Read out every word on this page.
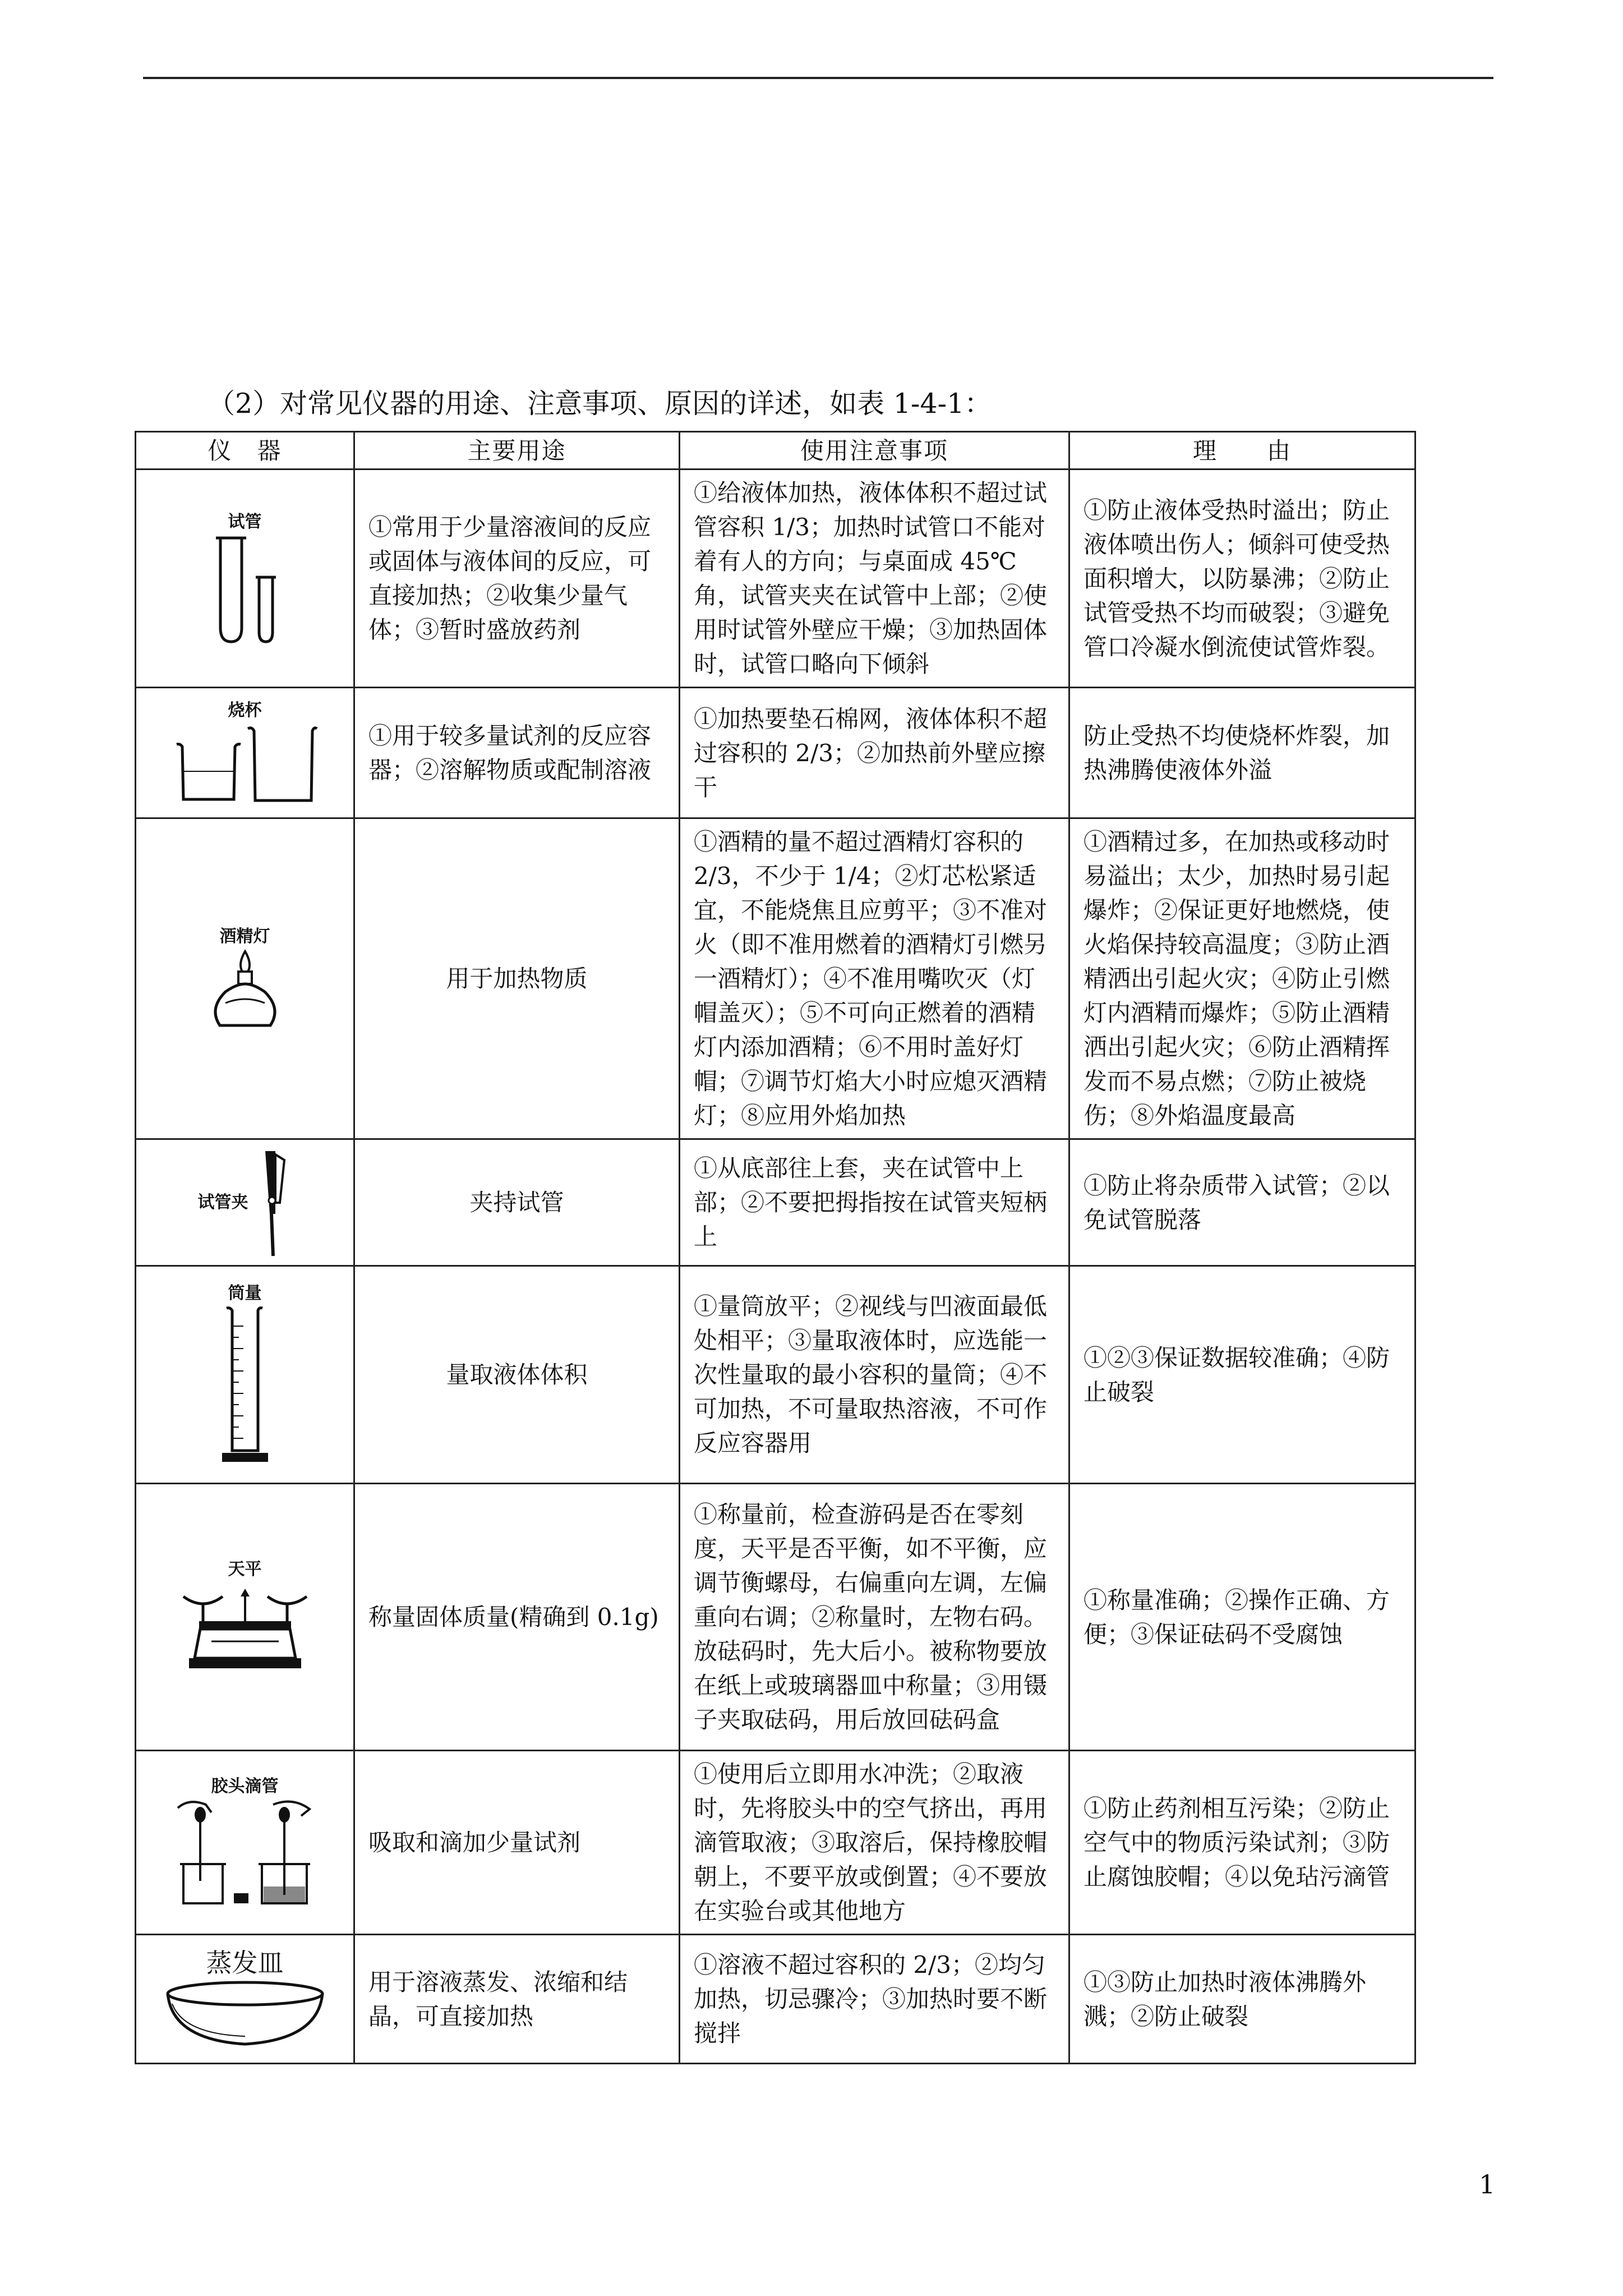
（2）对常见仪器的用途、注意事项、原因的详述，如表 1-4-1：
仪　器	主要用途	使用注意事项	理　　由

试管	①常用于少量溶液间的反应或固体与液体间的反应，可直接加热；②收集少量气体；③暂时盛放药剂	①给液体加热，液体体积不超过试管容积 1/3；加热时试管口不能对着有人的方向；与桌面成 45℃角，试管夹夹在试管中上部；②使用时试管外壁应干燥；③加热固体时，试管口略向下倾斜	①防止液体受热时溢出；防止液体喷出伤人；倾斜可使受热面积增大，以防暴沸；②防止试管受热不均而破裂；③避免管口冷凝水倒流使试管炸裂。

烧杯	①用于较多量试剂的反应容器；②溶解物质或配制溶液	①加热要垫石棉网，液体体积不超过容积的 2/3；②加热前外壁应擦干	防止受热不均使烧杯炸裂，加热沸腾使液体外溢

酒精灯	用于加热物质	①酒精的量不超过酒精灯容积的 2/3，不少于 1/4；②灯芯松紧适宜，不能烧焦且应剪平；③不准对火（即不准用燃着的酒精灯引燃另一酒精灯）；④不准用嘴吹灭（灯帽盖灭）；⑤不可向正燃着的酒精灯内添加酒精；⑥不用时盖好灯帽；⑦调节灯焰大小时应熄灭酒精灯；⑧应用外焰加热	①酒精过多，在加热或移动时易溢出；太少，加热时易引起爆炸；②保证更好地燃烧，使火焰保持较高温度；③防止酒精洒出引起火灾；④防止引燃灯内酒精而爆炸；⑤防止酒精洒出引起火灾；⑥防止酒精挥发而不易点燃；⑦防止被烧伤；⑧外焰温度最高

试管夹	夹持试管	①从底部往上套，夹在试管中上部；②不要把拇指按在试管夹短柄上	①防止将杂质带入试管；②以免试管脱落

筒量	量取液体体积	①量筒放平；②视线与凹液面最低处相平；③量取液体时，应选能一次性量取的最小容积的量筒；④不可加热，不可量取热溶液，不可作反应容器用	①②③保证数据较准确；④防止破裂

天平	称量固体质量(精确到 0.1g)	①称量前，检查游码是否在零刻度，天平是否平衡，如不平衡，应调节衡螺母，右偏重向左调，左偏重向右调；②称量时，左物右码。放砝码时，先大后小。被称物要放在纸上或玻璃器皿中称量；③用镊子夹取砝码，用后放回砝码盒	①称量准确；②操作正确、方便；③保证砝码不受腐蚀

胶头滴管	吸取和滴加少量试剂	①使用后立即用水冲洗；②取液时，先将胶头中的空气挤出，再用滴管取液；③取溶后，保持橡胶帽朝上，不要平放或倒置；④不要放在实验台或其他地方	①防止药剂相互污染；②防止空气中的物质污染试剂；③防止腐蚀胶帽；④以免玷污滴管

蒸发皿	用于溶液蒸发、浓缩和结晶，可直接加热	①溶液不超过容积的 2/3；②均匀加热，切忌骤冷；③加热时要不断搅拌	①③防止加热时液体沸腾外溅；②防止破裂
1
